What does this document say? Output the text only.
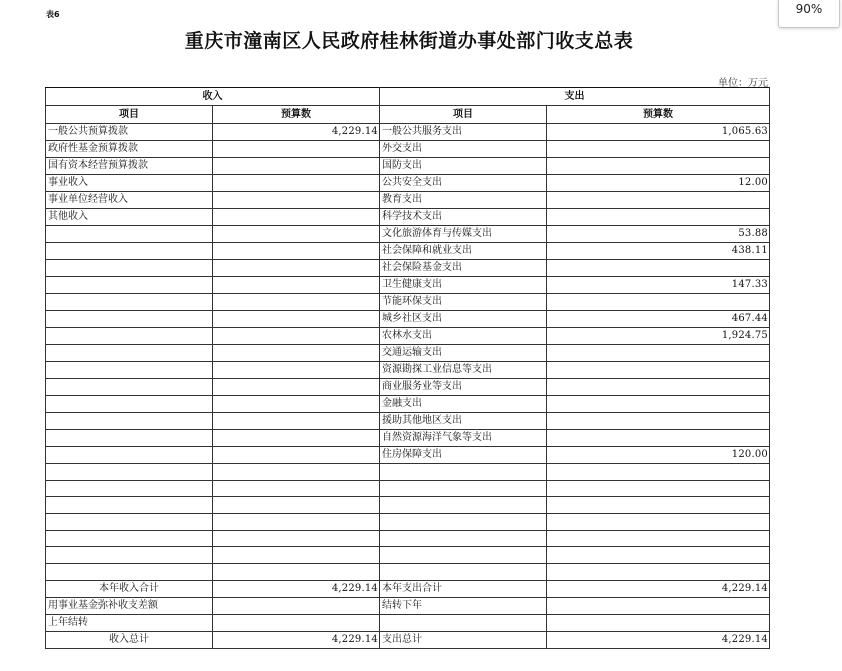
90%
表6
重庆市潼南区人民政府桂林街道办事处部门收支总表
单位：万元
收入		支出	
项目	预算数	项目	预算数
一般公共预算拨款	4,229.14	一般公共服务支出	1,065.63
政府性基金预算拨款		外交支出	
国有资本经营预算拨款		国防支出	
事业收入		公共安全支出	12.00
事业单位经营收入		教育支出	
其他收入		科学技术支出	
		文化旅游体育与传媒支出	53.88
		社会保障和就业支出	438.11
		社会保险基金支出	
		卫生健康支出	147.33
		节能环保支出	
		城乡社区支出	467.44
		农林水支出	1,924.75
		交通运输支出	
		资源勘探工业信息等支出	
		商业服务业等支出	
		金融支出	
		援助其他地区支出	
		自然资源海洋气象等支出	
		住房保障支出	120.00

本年收入合计	4,229.14	本年支出合计	4,229.14
用事业基金弥补收支差额		结转下年	
上年结转			
收入总计	4,229.14	支出总计	4,229.14
